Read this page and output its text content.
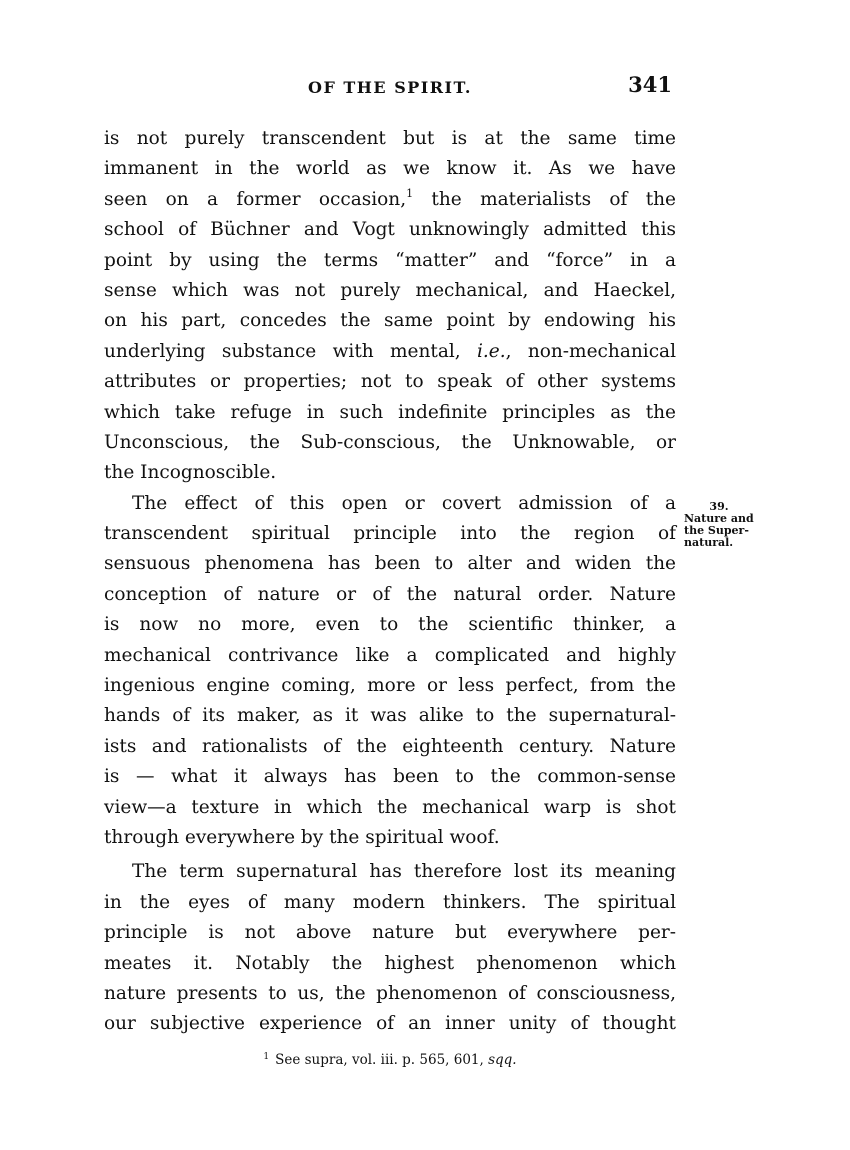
OF THE SPIRIT.	341
is not purely transcendent but is at the same time
immanent in the world as we know it. As we have
seen on a former occasion,$^1$ the materialists of the
school of Büchner and Vogt unknowingly admitted this
point by using the terms “matter” and “force” in a
sense which was not purely mechanical, and Haeckel,
on his part, concedes the same point by endowing his
underlying substance with mental, i.e., non-mechanical
attributes or properties; not to speak of other systems
which take refuge in such indefinite principles as the
Unconscious, the Sub-conscious, the Unknowable, or
the Incognoscible.
The effect of this open or covert admission of a
transcendent spiritual principle into the region of
sensuous phenomena has been to alter and widen the
conception of nature or of the natural order. Nature
is now no more, even to the scientific thinker, a
mechanical contrivance like a complicated and highly
ingenious engine coming, more or less perfect, from the
hands of its maker, as it was alike to the supernatural-
ists and rationalists of the eighteenth century. Nature
is — what it always has been to the common-sense
view—a texture in which the mechanical warp is shot
through everywhere by the spiritual woof.
The term supernatural has therefore lost its meaning
in the eyes of many modern thinkers. The spiritual
principle is not above nature but everywhere per-
meates it. Notably the highest phenomenon which
nature presents to us, the phenomenon of consciousness,
our subjective experience of an inner unity of thought
39.
Nature and
the Super-
natural.
$^1$ See supra, vol. iii. p. 565, 601, sqq.
